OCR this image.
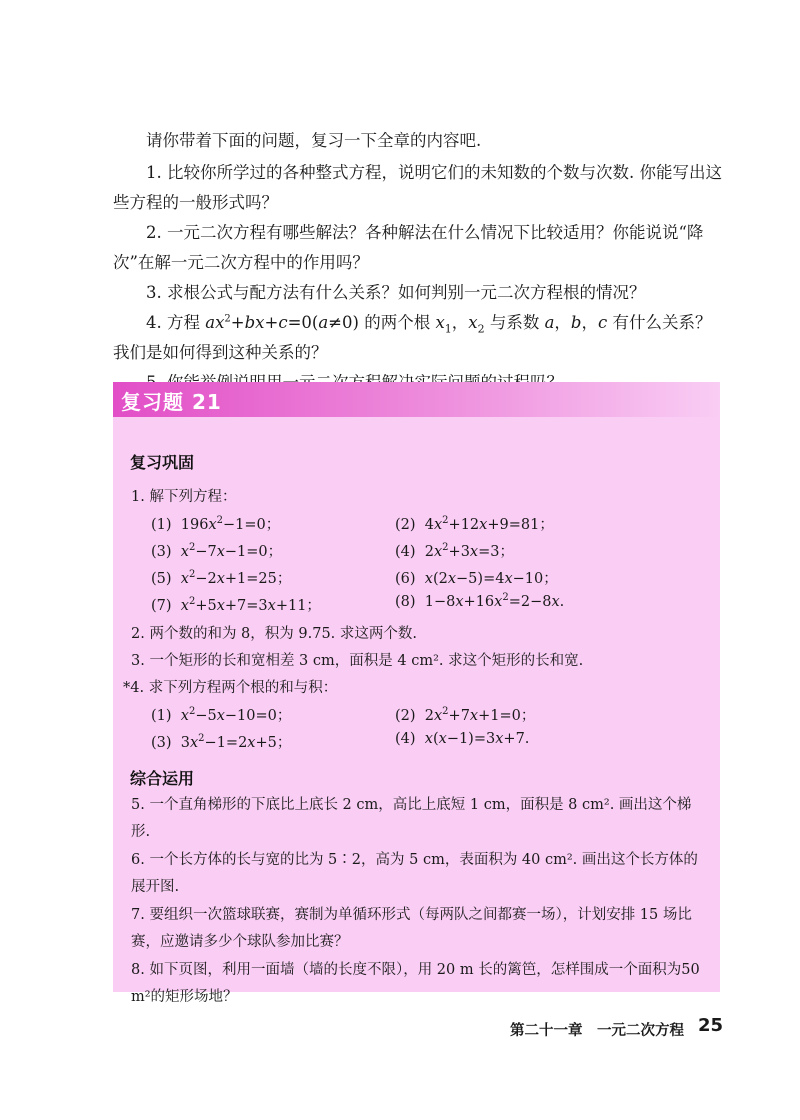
请你带着下面的问题，复习一下全章的内容吧.

1. 比较你所学过的各种整式方程，说明它们的未知数的个数与次数. 你能写出这些方程的一般形式吗？

2. 一元二次方程有哪些解法？各种解法在什么情况下比较适用？你能说说“降次”在解一元二次方程中的作用吗？

3. 求根公式与配方法有什么关系？如何判别一元二次方程根的情况？

4. 方程 $ax^2+bx+c=0(a\ne 0)$ 的两个根 $x_1$，$x_2$ 与系数 a，b，c 有什么关系？我们是如何得到这种关系的？

复习题 21
复习巩固
1. 解下列方程：
(1)  $196x^2-1=0$；	(2)  $4x^2+12x+9=81$；
(3)  $x^2-7x-1=0$；	(4)  $2x^2+3x=3$；
(5)  $x^2-2x+1=25$；	(6)  x(2x−5)=4x−10；
(7)  $x^2+5x+7=3x+11$；	(8)  $1-8x+16x^2=2-8x$.
2. 两个数的和为 8，积为 9.75. 求这两个数.
3. 一个矩形的长和宽相差 3 cm，面积是 4 cm². 求这个矩形的长和宽.
*4. 求下列方程两个根的和与积：
(1)  $x^2-5x-10=0$；	(2)  $2x^2+7x+1=0$；
(3)  $3x^2-1=2x+5$；	(4)  x(x−1)=3x+7.
综合运用
5. 一个直角梯形的下底比上底长 2 cm，高比上底短 1 cm，面积是 8 cm². 画出这个梯形.
6. 一个长方体的长与宽的比为 5∶2，高为 5 cm，表面积为 40 cm². 画出这个长方体的展开图.
7. 要组织一次篮球联赛，赛制为单循环形式（每两队之间都赛一场），计划安排 15 场比赛，应邀请多少个球队参加比赛？
8. 如下页图，利用一面墙（墙的长度不限），用 20 m 长的篱笆，怎样围成一个面积为50 m²的矩形场地？
第二十一章　一元二次方程 25
